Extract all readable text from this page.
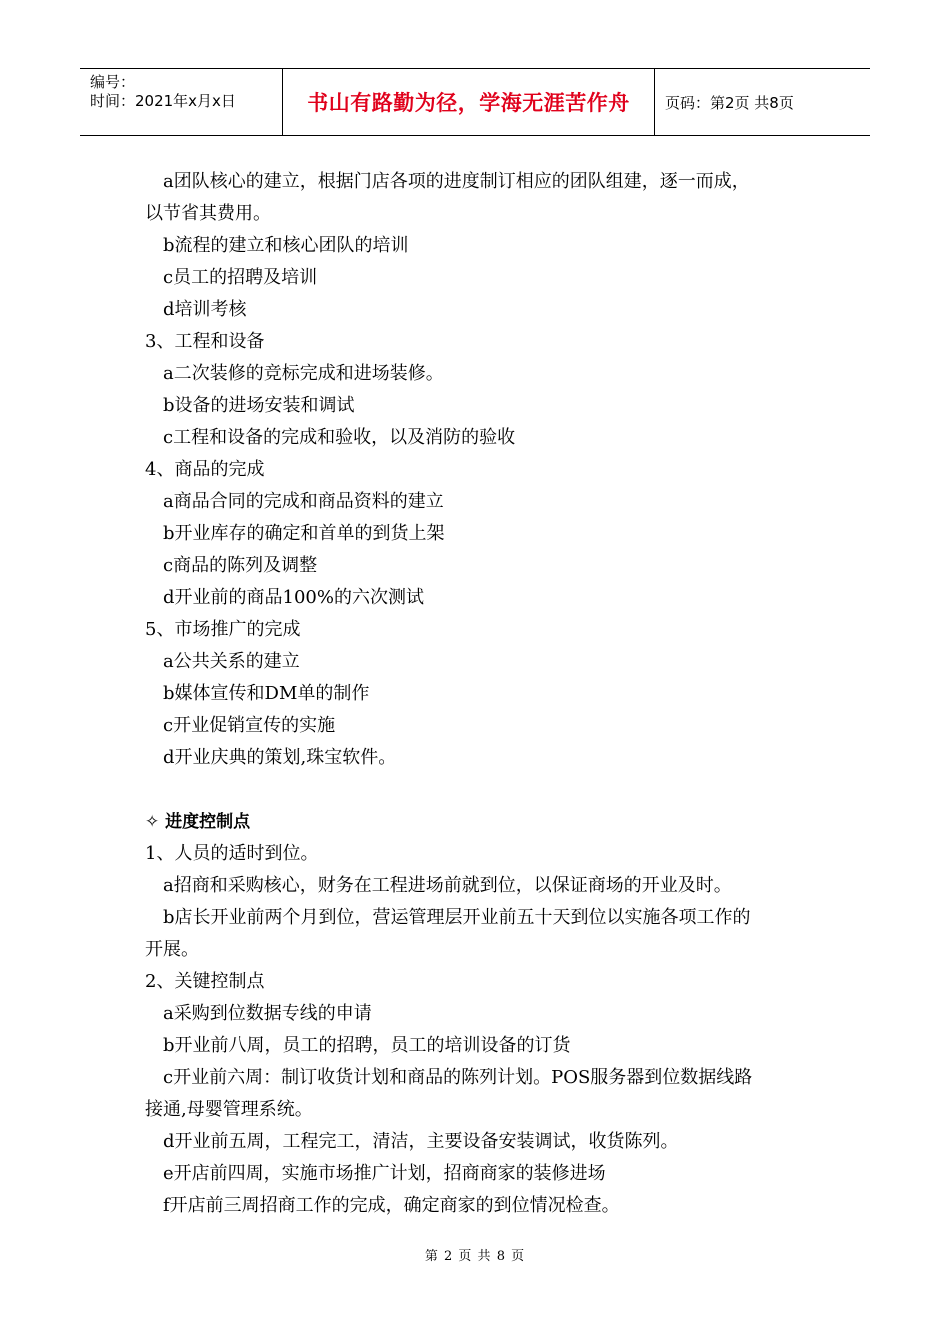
编号：
时间：2021年x月x日	书山有路勤为径，学海无涯苦作舟	页码：第2页 共8页
a团队核心的建立，根据门店各项的进度制订相应的团队组建，逐一而成，
以节省其费用。
b流程的建立和核心团队的培训
c员工的招聘及培训
d培训考核
3、工程和设备
a二次装修的竞标完成和进场装修。
b设备的进场安装和调试
c工程和设备的完成和验收，以及消防的验收
4、商品的完成
a商品合同的完成和商品资料的建立
b开业库存的确定和首单的到货上架
c商品的陈列及调整
d开业前的商品100%的六次测试
5、市场推广的完成
a公共关系的建立
b媒体宣传和DM单的制作
c开业促销宣传的实施
d开业庆典的策划,珠宝软件。
✧ 进度控制点
1、人员的适时到位。
a招商和采购核心，财务在工程进场前就到位，以保证商场的开业及时。
b店长开业前两个月到位，营运管理层开业前五十天到位以实施各项工作的
开展。
2、关键控制点
a采购到位数据专线的申请
b开业前八周，员工的招聘，员工的培训设备的订货
c开业前六周：制订收货计划和商品的陈列计划。POS服务器到位数据线路
接通,母婴管理系统。
d开业前五周，工程完工，清洁，主要设备安装调试，收货陈列。
e开店前四周，实施市场推广计划，招商商家的装修进场
f开店前三周招商工作的完成，确定商家的到位情况检查。
第 2 页 共 8 页
